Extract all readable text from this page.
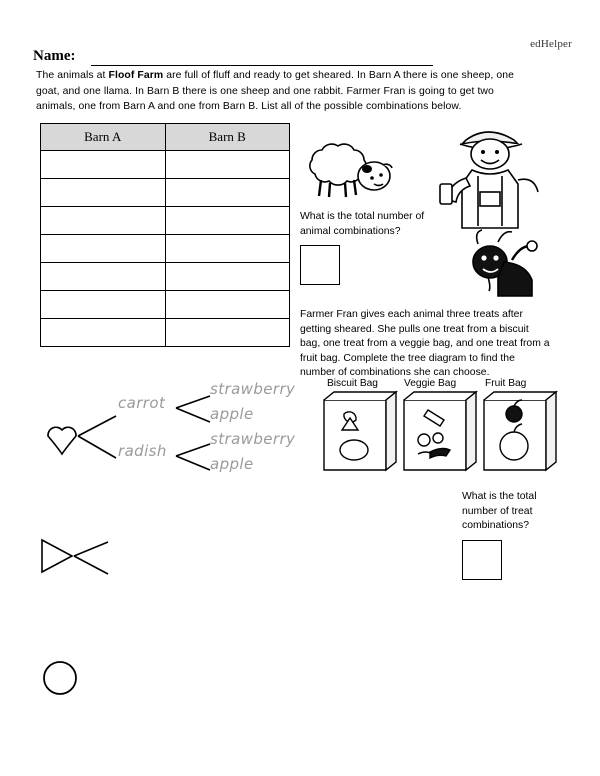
edHelper
Name:
The animals at Floof Farm are full of fluff and ready to get sheared. In Barn A there is one sheep, one goat, and one llama. In Barn B there is one sheep and one rabbit. Farmer Fran is going to get two animals, one from Barn A and one from Barn B. List all of the possible combinations below.
Barn A	Barn B

What is the total number of animal combinations?
Farmer Fran gives each animal three treats after getting sheared. She pulls one treat from a biscuit bag, one treat from a veggie bag, and one treat from a fruit bag. Complete the tree diagram to find the number of combinations she can choose.
Biscuit Bag	Veggie Bag	Fruit Bag
carrot
radish
strawberry
apple
strawberry
apple
What is the total number of treat combinations?
